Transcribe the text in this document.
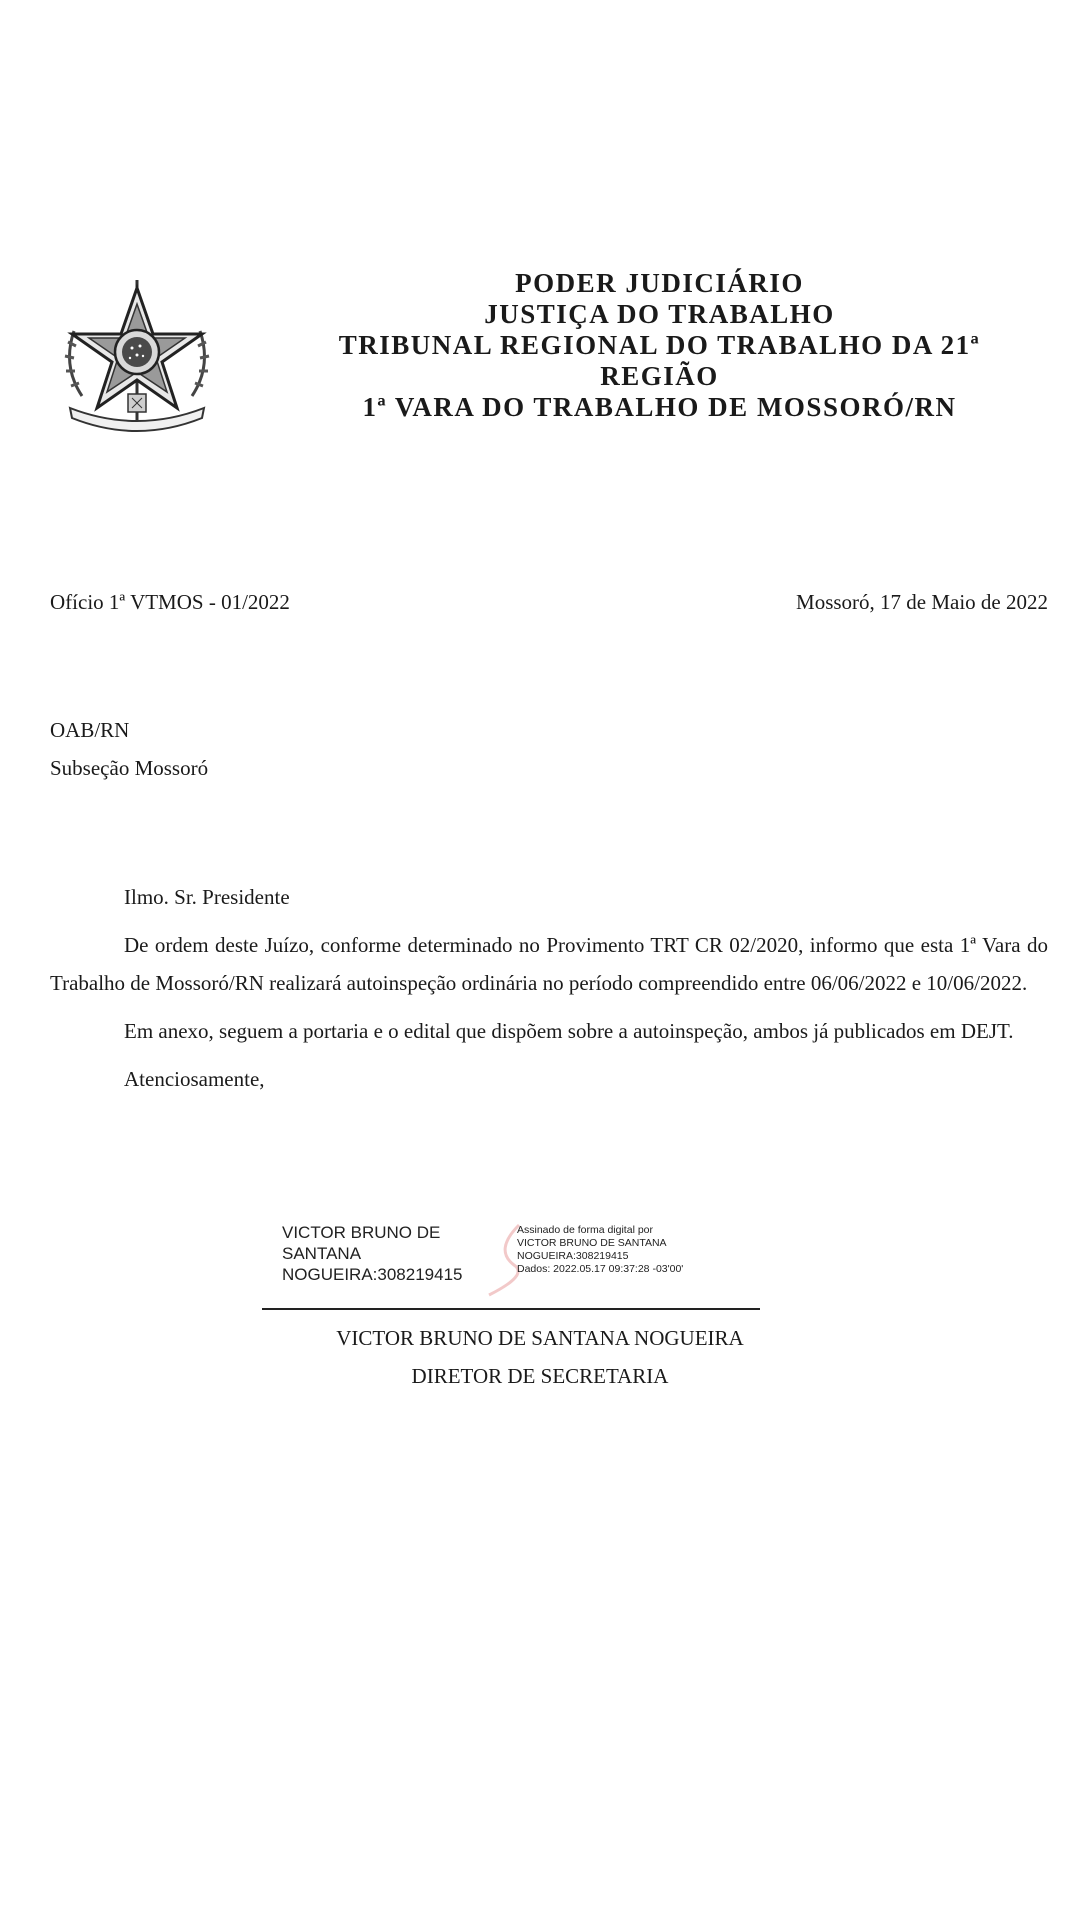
PODER JUDICIÁRIO
JUSTIÇA DO TRABALHO
TRIBUNAL REGIONAL DO TRABALHO DA 21ª
REGIÃO
1ª VARA DO TRABALHO DE MOSSORÓ/RN
Ofício 1ª VTMOS - 01/2022	Mossoró, 17 de Maio de 2022
OAB/RN
Subseção Mossoró

Ilmo. Sr. Presidente

De ordem deste Juízo, conforme determinado no Provimento TRT CR 02/2020, informo que esta 1ª Vara do Trabalho de Mossoró/RN realizará autoinspeção ordinária no período compreendido entre 06/06/2022 e 10/06/2022.

Em anexo, seguem a portaria e o edital que dispõem sobre a autoinspeção, ambos já publicados em DEJT.

Atenciosamente,

VICTOR BRUNO DE
SANTANA
NOGUEIRA:308219415
Assinado de forma digital por
VICTOR BRUNO DE SANTANA
NOGUEIRA:308219415
Dados: 2022.05.17 09:37:28 -03'00'
VICTOR BRUNO DE SANTANA NOGUEIRA
DIRETOR DE SECRETARIA
